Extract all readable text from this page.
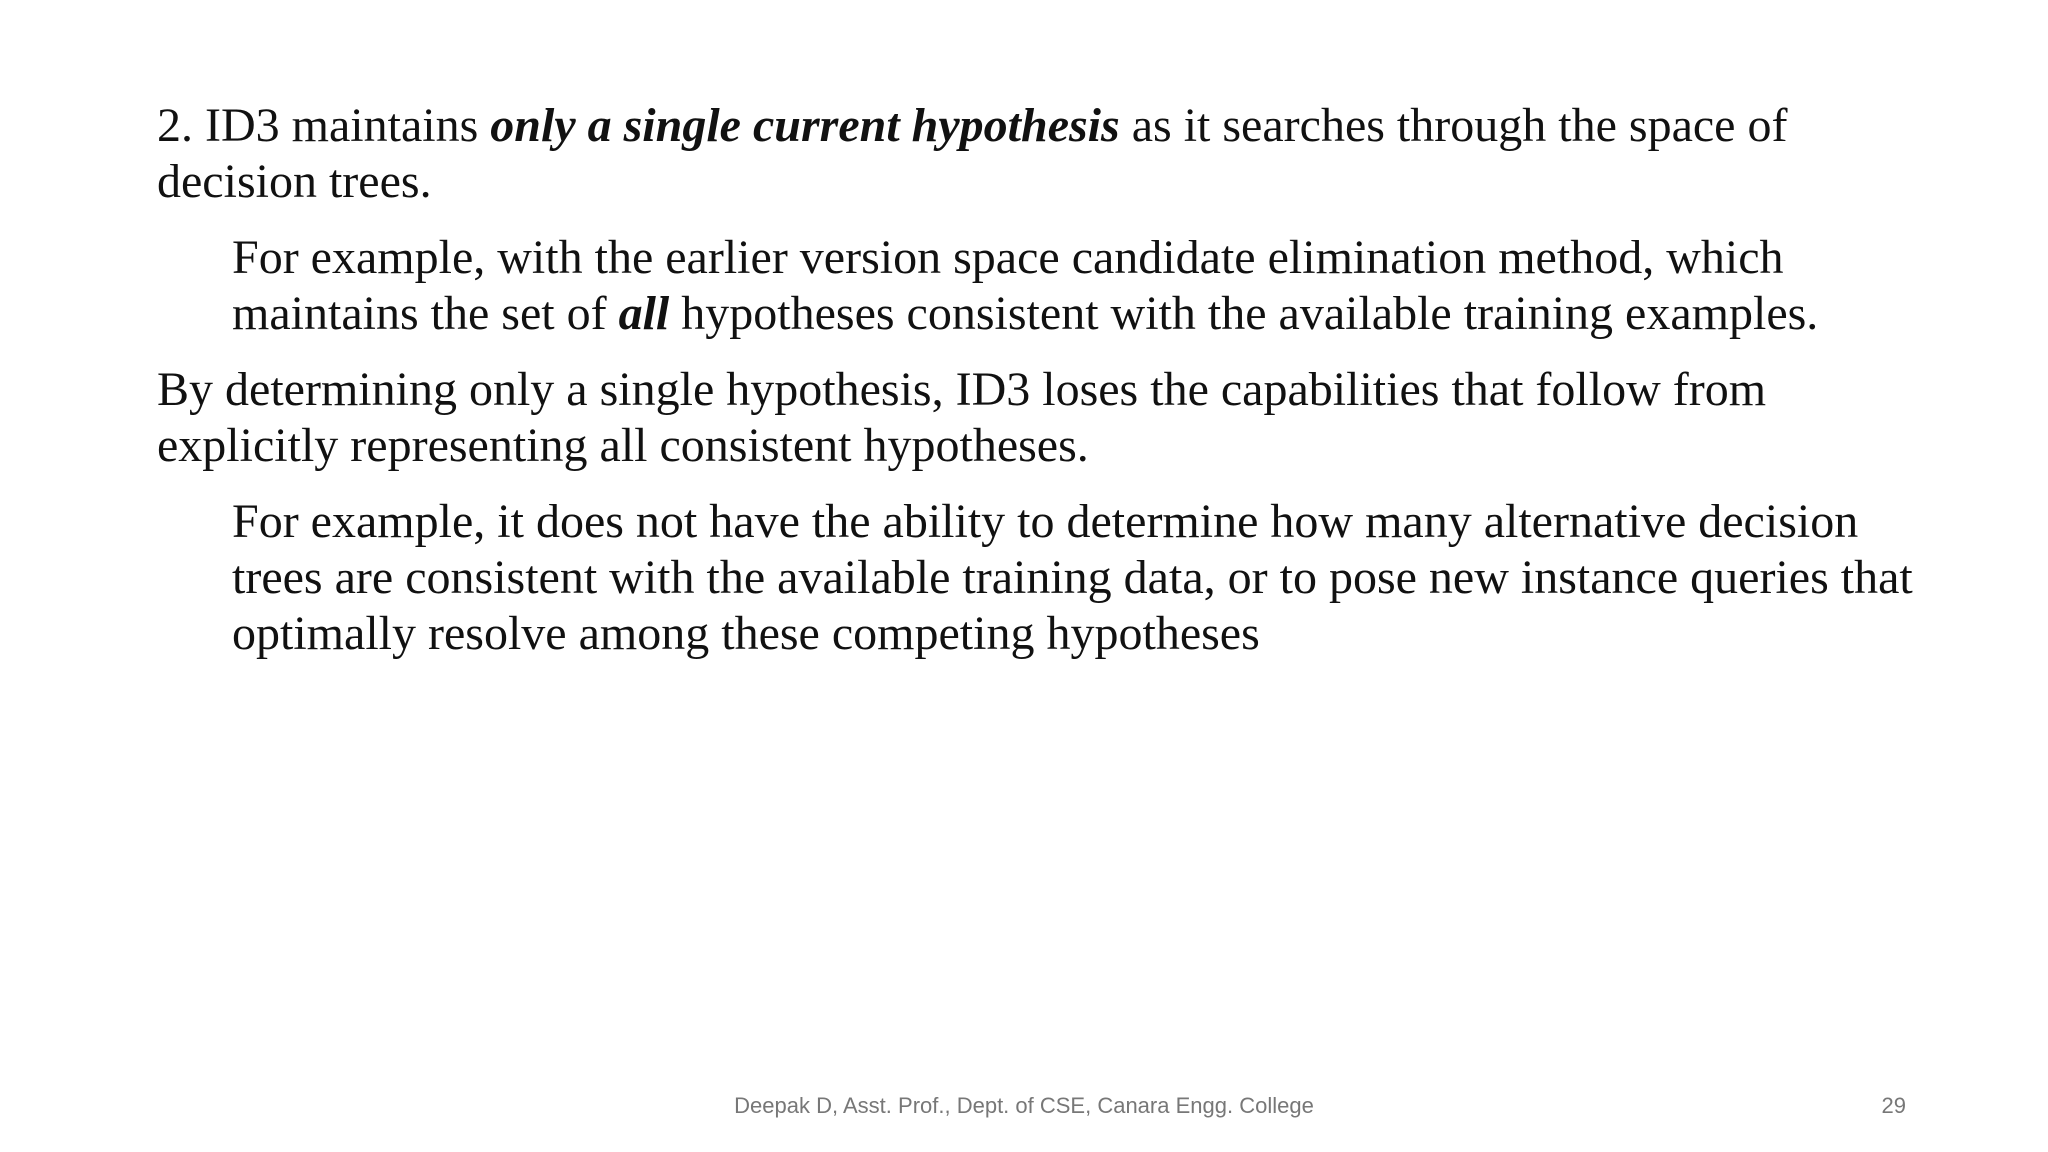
2. ID3 maintains only a single current hypothesis as it searches through the space of decision trees.

For example, with the earlier version space candidate elimination method, which maintains the set of all hypotheses consistent with the available training examples.

By determining only a single hypothesis, ID3 loses the capabilities that follow from explicitly representing all consistent hypotheses.

For example, it does not have the ability to determine how many alternative decision trees are consistent with the available training data, or to pose new instance queries that optimally resolve among these competing hypotheses

Deepak D, Asst. Prof., Dept. of CSE, Canara Engg. College	29
